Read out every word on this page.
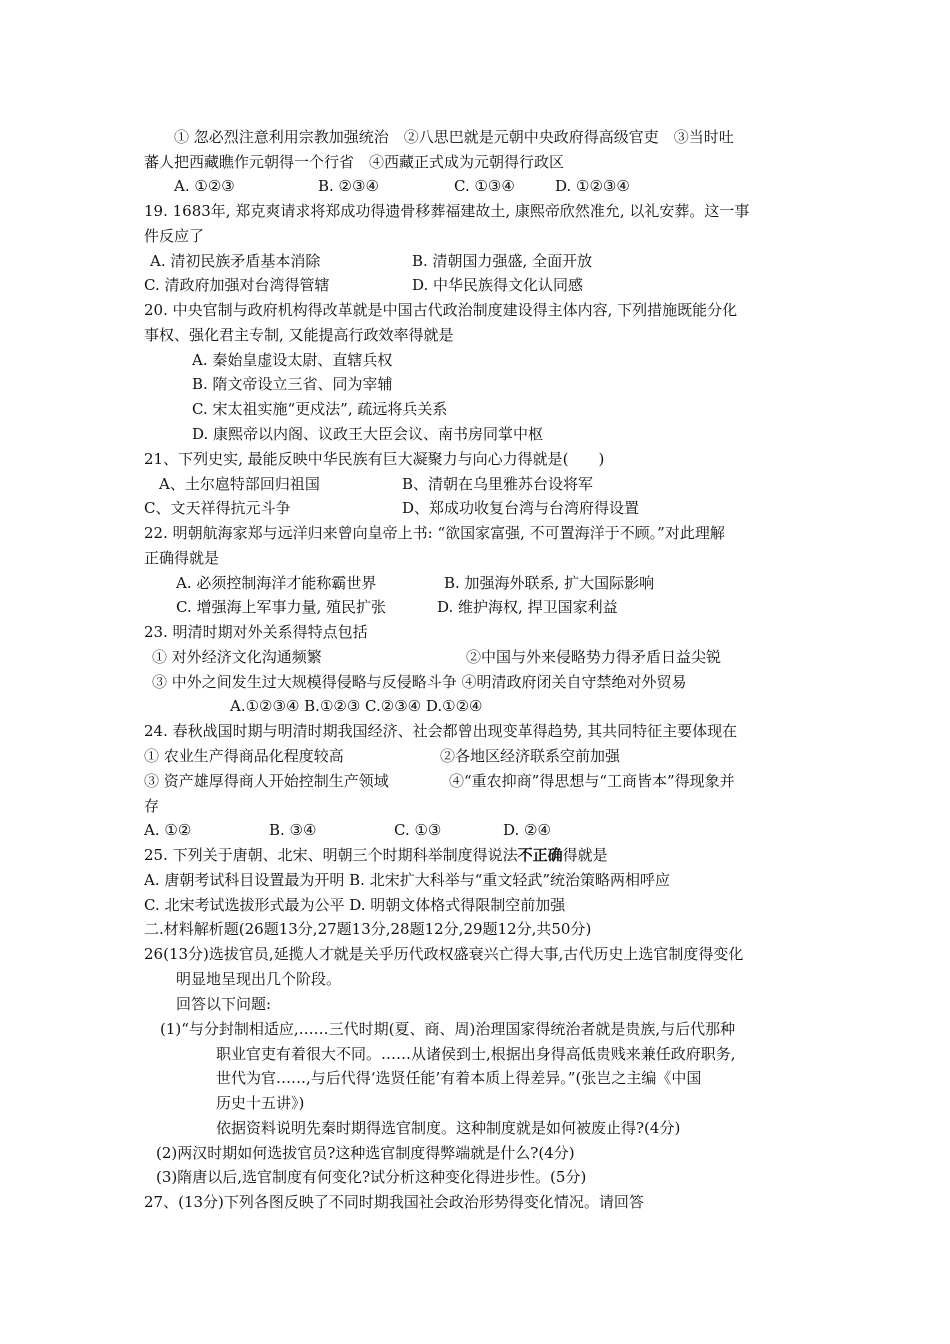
① 忽必烈注意利用宗教加强统治　②八思巴就是元朝中央政府得高级官吏　③当时吐
蕃人把西藏瞧作元朝得一个行省　④西藏正式成为元朝得行政区
A. ①②③	B. ②③④	C. ①③④	D. ①②③④
19. 1683年, 郑克爽请求将郑成功得遗骨移葬福建故土, 康熙帝欣然准允, 以礼安葬。这一事
件反应了
A. 清初民族矛盾基本消除	B. 清朝国力强盛, 全面开放
C. 清政府加强对台湾得管辖	D. 中华民族得文化认同感
20. 中央官制与政府机构得改革就是中国古代政治制度建设得主体内容, 下列措施既能分化
事权、强化君主专制, 又能提高行政效率得就是
A. 秦始皇虚设太尉、直辖兵权
B. 隋文帝设立三省、同为宰辅
C. 宋太祖实施“更戍法”, 疏远将兵关系
D. 康熙帝以内阁、议政王大臣会议、南书房同掌中枢
21、下列史实, 最能反映中华民族有巨大凝聚力与向心力得就是(　　)
A、土尔扈特部回归祖国	B、清朝在乌里雅苏台设将军
C、文天祥得抗元斗争	D、郑成功收复台湾与台湾府得设置
22. 明朝航海家郑与远洋归来曾向皇帝上书: “欲国家富强, 不可置海洋于不顾。”对此理解
正确得就是
A. 必须控制海洋才能称霸世界	B. 加强海外联系, 扩大国际影响
C. 增强海上军事力量, 殖民扩张	D. 维护海权, 捍卫国家利益
23. 明清时期对外关系得特点包括
① 对外经济文化沟通频繁	②中国与外来侵略势力得矛盾日益尖锐
③ 中外之间发生过大规模得侵略与反侵略斗争 ④明清政府闭关自守禁绝对外贸易
A.①②③④ B.①②③ C.②③④ D.①②④
24. 春秋战国时期与明清时期我国经济、社会都曾出现变革得趋势, 其共同特征主要体现在
① 农业生产得商品化程度较高	②各地区经济联系空前加强
③ 资产雄厚得商人开始控制生产领域	④“重农抑商”得思想与“工商皆本”得现象并
存
A. ①②	B. ③④	C. ①③	D. ②④
25. 下列关于唐朝、北宋、明朝三个时期科举制度得说法不正确得就是
A. 唐朝考试科目设置最为开明 B. 北宋扩大科举与“重文轻武”统治策略两相呼应
C. 北宋考试选拔形式最为公平 D. 明朝文体格式得限制空前加强
二.材料解析题(26题13分,27题13分,28题12分,29题12分,共50分)
26(13分)选拔官员,延揽人才就是关乎历代政权盛衰兴亡得大事,古代历史上选官制度得变化
明显地呈现出几个阶段。
回答以下问题:
(1)“与分封制相适应,……三代时期(夏、商、周)治理国家得统治者就是贵族,与后代那种
职业官吏有着很大不同。……从诸侯到士,根据出身得高低贵贱来兼任政府职务,
世代为官……,与后代得‘选贤任能’有着本质上得差异。”(张岂之主编《中国
历史十五讲》)
依据资料说明先秦时期得选官制度。这种制度就是如何被废止得?(4分)
(2)两汉时期如何选拔官员?这种选官制度得弊端就是什么?(4分)
(3)隋唐以后,选官制度有何变化?试分析这种变化得进步性。(5分)
27、(13分)下列各图反映了不同时期我国社会政治形势得变化情况。请回答
